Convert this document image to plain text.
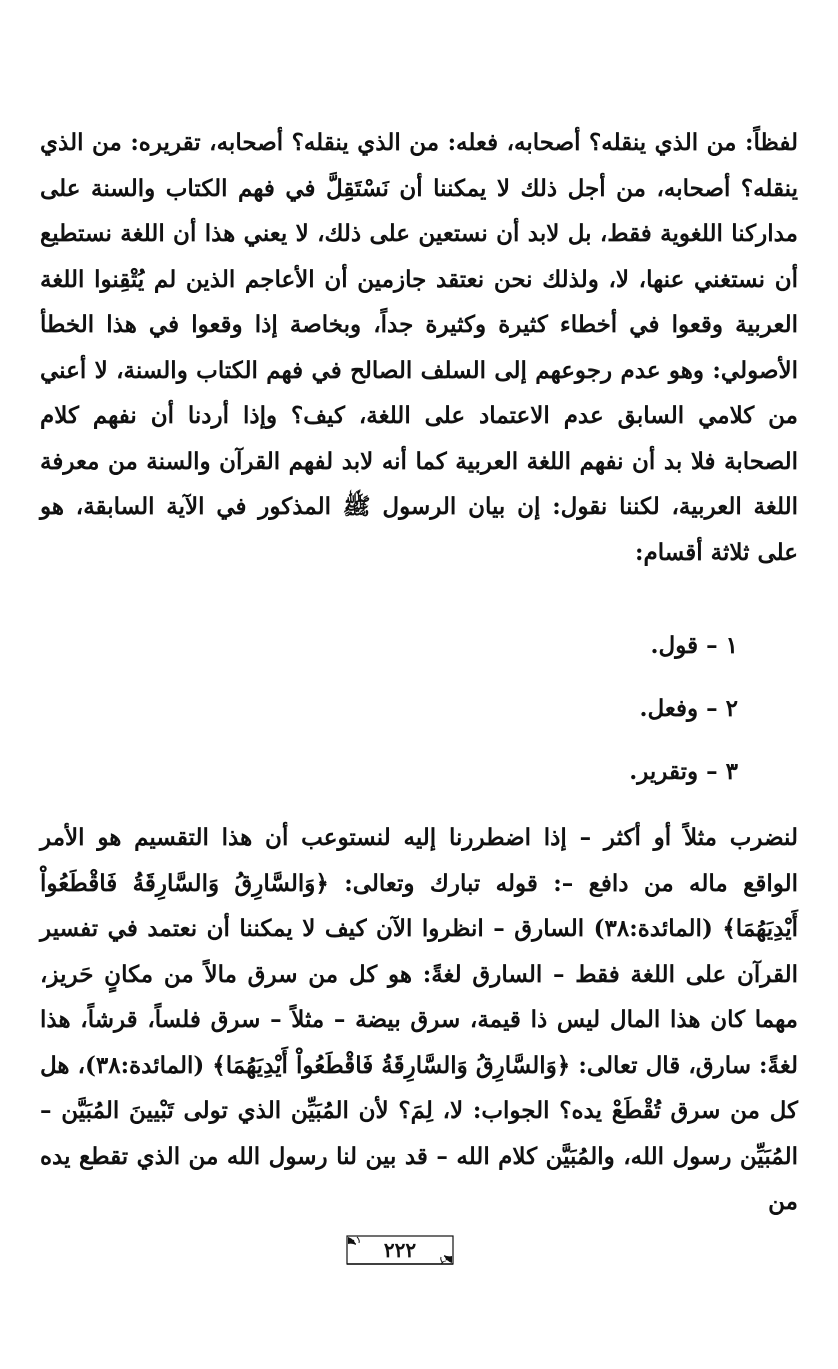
لفظاً: من الذي ينقله؟ أصحابه، فعله: من الذي ينقله؟ أصحابه، تقريره: من الذي ينقله؟ أصحابه، من أجل ذلك لا يمكننا أن نَسْتَقِلَّ في فهم الكتاب والسنة على مداركنا اللغوية فقط، بل لابد أن نستعين على ذلك، لا يعني هذا أن اللغة نستطيع أن نستغني عنها، لا، ولذلك نحن نعتقد جازمين أن الأعاجم الذين لم يُتْقِنوا اللغة العربية وقعوا في أخطاء كثيرة وكثيرة جداً، وبخاصة إذا وقعوا في هذا الخطأ الأصولي: وهو عدم رجوعهم إلى السلف الصالح في فهم الكتاب والسنة، لا أعني من كلامي السابق عدم الاعتماد على اللغة، كيف؟ وإذا أردنا أن نفهم كلام الصحابة فلا بد أن نفهم اللغة العربية كما أنه لابد لفهم القرآن والسنة من معرفة اللغة العربية، لكننا نقول: إن بيان الرسول ﷺ المذكور في الآية السابقة، هو على ثلاثة أقسام:

١ – قول.
٢ – وفعل.
٣ – وتقرير.

لنضرب مثلاً أو أكثر – إذا اضطررنا إليه لنستوعب أن هذا التقسيم هو الأمر الواقع ماله من دافع –: قوله تبارك وتعالى: ﴿وَالسَّارِقُ وَالسَّارِقَةُ فَاقْطَعُواْ أَيْدِيَهُمَا﴾ (المائدة:٣٨) السارق – انظروا الآن كيف لا يمكننا أن نعتمد في تفسير القرآن على اللغة فقط – السارق لغةً: هو كل من سرق مالاً من مكانٍ حَريز، مهما كان هذا المال ليس ذا قيمة، سرق بيضة – مثلاً – سرق فلساً، قرشاً، هذا لغةً: سارق، قال تعالى: ﴿وَالسَّارِقُ وَالسَّارِقَةُ فَاقْطَعُواْ أَيْدِيَهُمَا﴾ (المائدة:٣٨)، هل كل من سرق تُقْطَعْ يده؟ الجواب: لا، لِمَ؟ لأن المُبَيِّن الذي تولى تَبْيينَ المُبَيَّن – المُبَيِّن رسول الله، والمُبَيَّن كلام الله – قد بين لنا رسول الله من الذي تقطع يده من

٢٢٢
